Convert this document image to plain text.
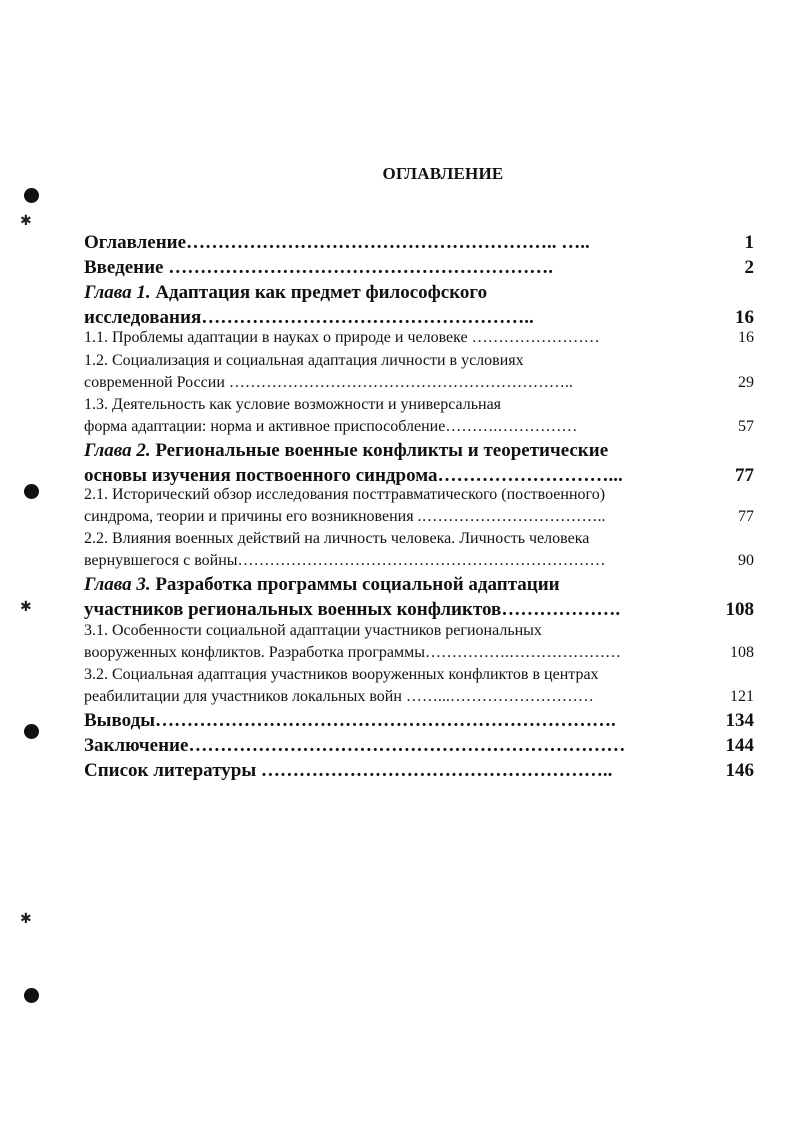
✱
✱
✱
ОГЛАВЛЕНИЕ
Оглавление………………………………………………….. …..	1
Введение …………………………………………………….	2
Глава 1. Адаптация как предмет философского
исследования……………………………………………..	16
1.1. Проблемы адаптации в науках о природе и человеке ……………………	16
1.2. Социализация и социальная адаптация личности в условиях
современной России ………………………………………………………..	29
1.3. Деятельность как условие возможности и универсальная
форма адаптации: норма и активное приспособление……….……………	57
Глава 2. Региональные военные конфликты и теоретические
основы изучения поствоенного синдрома………………………...	77
2.1. Исторический обзор исследования посттравматического (поствоенного)
синдрома, теории и причины его возникновения .……………………………..	77
2.2. Влияния военных действий на личность человека. Личность человека
вернувшегося с войны……………………………………………………………	90
Глава 3. Разработка программы социальной адаптации
участников региональных военных конфликтов……………….	108
3.1. Особенности социальной адаптации участников региональных
вооруженных конфликтов. Разработка программы…………….…………………	108
3.2. Социальная адаптация участников вооруженных конфликтов в центрах
реабилитации для участников локальных войн ……...………………………	121
Выводы……………………………………………………………….	134
Заключение……………………………………………………………	144
Список литературы ………………………………………………..	146
